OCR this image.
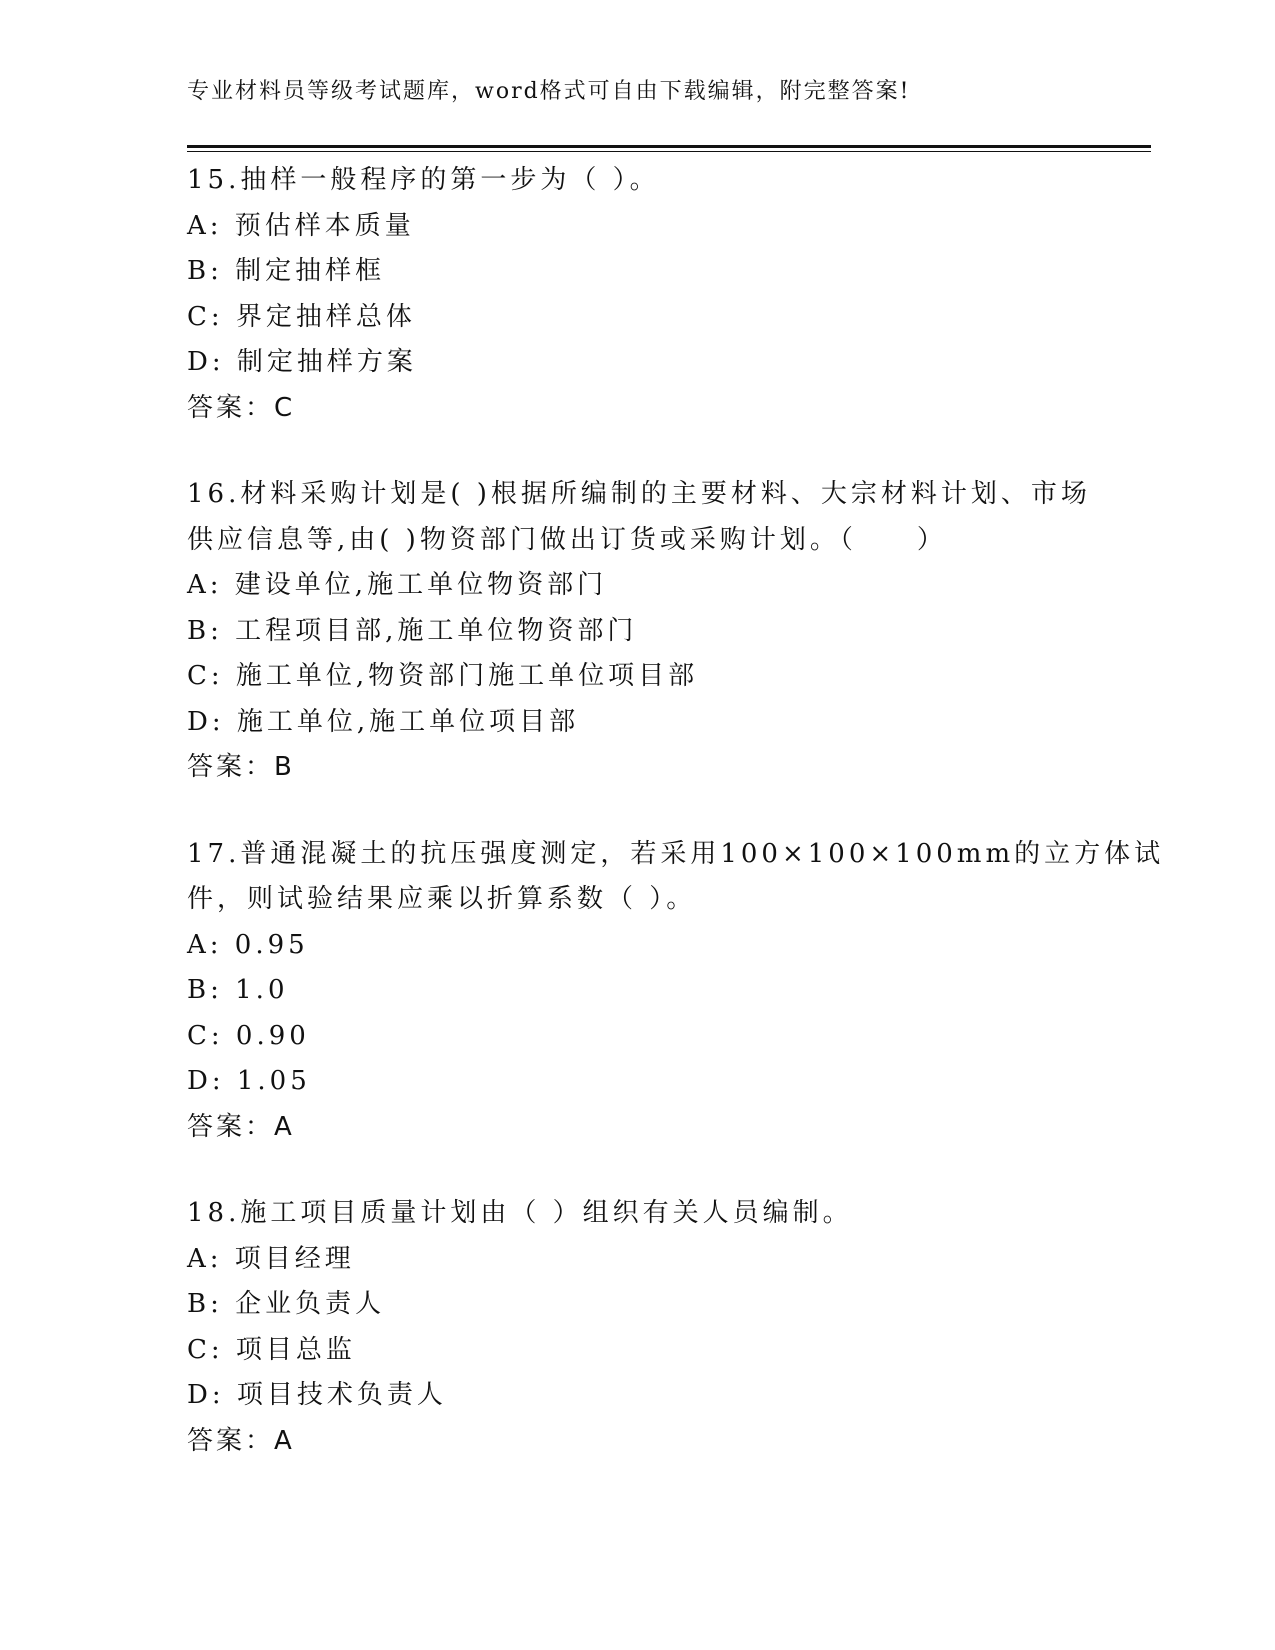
专业材料员等级考试题库，word格式可自由下载编辑，附完整答案!
15.抽样一般程序的第一步为（ ）。
A: 预估样本质量
B: 制定抽样框
C: 界定抽样总体
D: 制定抽样方案
答案：C
16.材料采购计划是( )根据所编制的主要材料、大宗材料计划、市场
供应信息等,由( )物资部门做出订货或采购计划。（　　）
A: 建设单位,施工单位物资部门
B: 工程项目部,施工单位物资部门
C: 施工单位,物资部门施工单位项目部
D: 施工单位,施工单位项目部
答案：B
17.普通混凝土的抗压强度测定，若采用100×100×100mm的立方体试
件，则试验结果应乘以折算系数（ ）。
A: 0.95
B: 1.0
C: 0.90
D: 1.05
答案：A
18.施工项目质量计划由（ ）组织有关人员编制。
A: 项目经理
B: 企业负责人
C: 项目总监
D: 项目技术负责人
答案：A
